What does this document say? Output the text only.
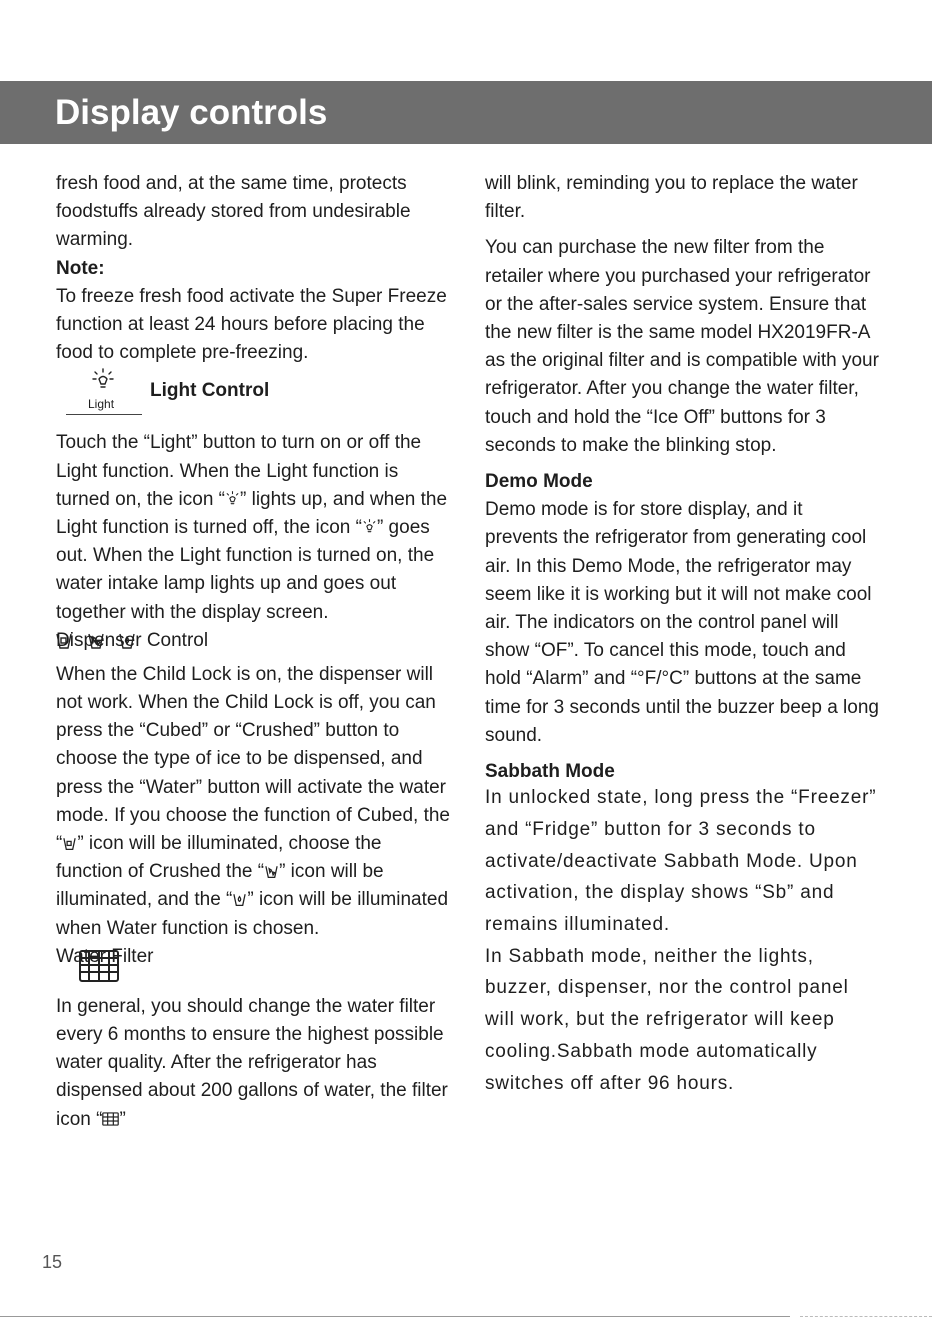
Display controls

fresh food and, at the same time, protects foodstuffs already stored from undesirable warming.

Note:

To freeze fresh food activate the Super Freeze function at least 24 hours before placing the food to complete pre-freezing.

Light
Light Control

Touch the “Light” button to turn on or off the Light function. When the Light function is turned on, the icon “ ” lights up, and when the Light function is turned off, the icon “ ” goes out. When the Light function is turned on, the water intake lamp lights up and goes out together with the display screen.

Dispenser Control

When the Child Lock is on, the dispenser will not work. When the Child Lock is off, you can press the “Cubed” or “Crushed” button to choose the type of ice to be dispensed, and press the “Water” button will activate the water mode. If you choose the function of Cubed, the “ ” icon will be illuminated, choose the function of Crushed the “ ” icon will be illuminated, and the “ ” icon will be illuminated when Water function is chosen.

Water Filter

In general, you should change the water filter every 6 months to ensure the highest possible water quality. After the refrigerator has dispensed about 200 gallons of water, the filter icon “ ”

will blink, reminding you to replace the water filter.

You can purchase the new filter from the retailer where you purchased your refrigerator or the after-sales service system. Ensure that the new filter is the same model HX2019FR-A as the original filter and is compatible with your refrigerator. After you change the water filter, touch and hold the “Ice Off” buttons for 3 seconds to make the blinking stop.

Demo Mode

Demo mode is for store display, and it prevents the refrigerator from generating cool air. In this Demo Mode, the refrigerator may seem like it is working but it will not make cool air. The indicators on the control panel will show “OF”. To cancel this mode, touch and hold “Alarm” and “°F/°C” buttons at the same time for 3 seconds until the buzzer beep a long sound.

Sabbath Mode

In unlocked state, long press the “Freezer” and “Fridge” button for 3 seconds to activate/deactivate Sabbath Mode. Upon activation, the display shows “Sb” and remains illuminated.

In Sabbath mode, neither the lights, buzzer, dispenser, nor the control panel will work, but the refrigerator will keep cooling.Sabbath mode automatically switches off after 96 hours.

15
